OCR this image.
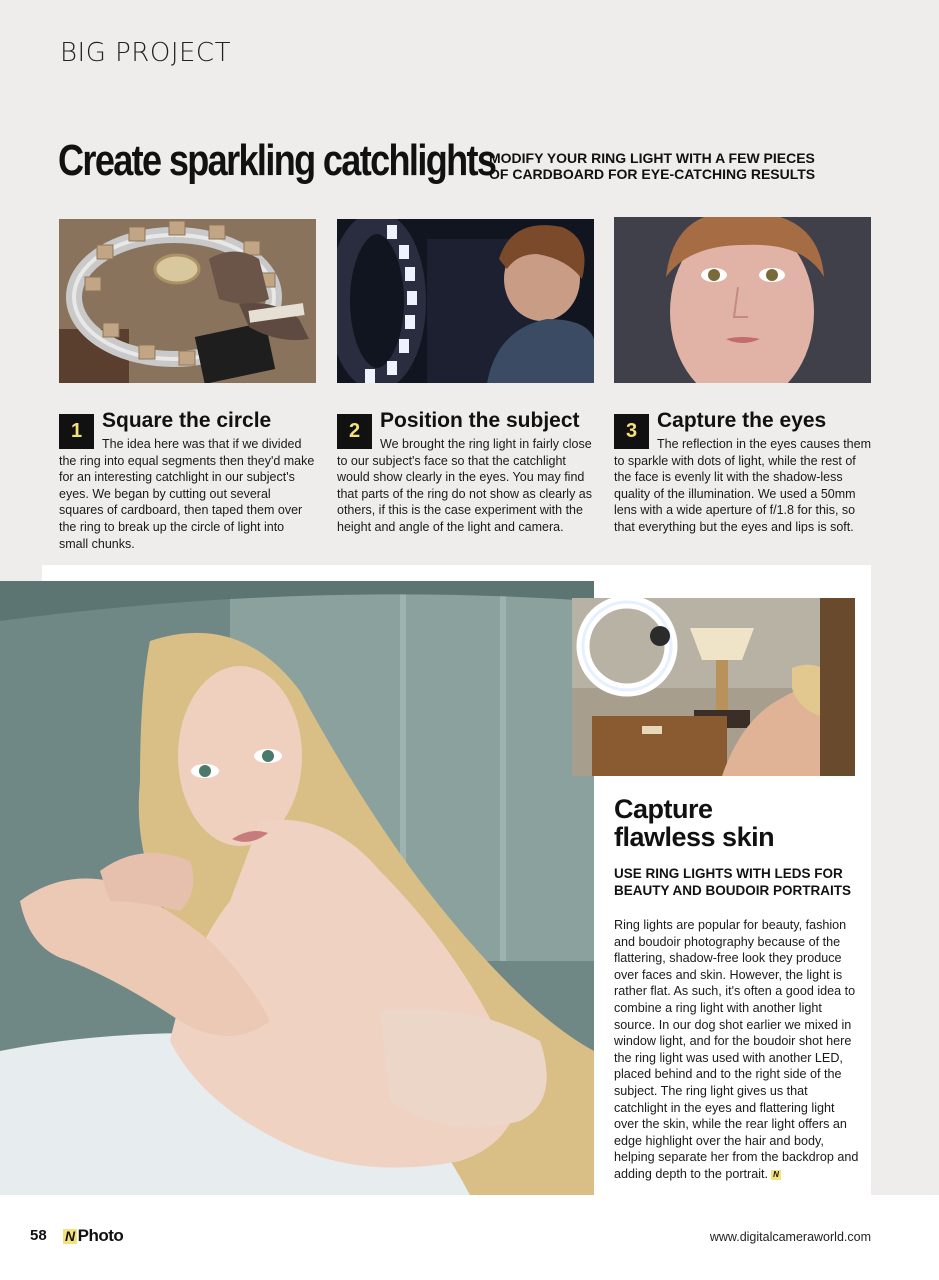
BIG PROJECT
Create sparkling catchlights
MODIFY YOUR RING LIGHT WITH A FEW PIECES OF CARDBOARD FOR EYE-CATCHING RESULTS
1 Square the circle
The idea here was that if we divided the ring into equal segments then they'd make for an interesting catchlight in our subject's eyes. We began by cutting out several squares of cardboard, then taped them over the ring to break up the circle of light into small chunks.
2 Position the subject
We brought the ring light in fairly close to our subject's face so that the catchlight would show clearly in the eyes. You may find that parts of the ring do not show as clearly as others, if this is the case experiment with the height and angle of the light and camera.
3 Capture the eyes
The reflection in the eyes causes them to sparkle with dots of light, while the rest of the face is evenly lit with the shadow-less quality of the illumination. We used a 50mm lens with a wide aperture of f/1.8 for this, so that everything but the eyes and lips is soft.
Capture
flawless skin
USE RING LIGHTS WITH LEDS FOR BEAUTY AND BOUDOIR PORTRAITS
Ring lights are popular for beauty, fashion and boudoir photography because of the flattering, shadow-free look they produce over faces and skin. However, the light is rather flat. As such, it's often a good idea to combine a ring light with another light source. In our dog shot earlier we mixed in window light, and for the boudoir shot here the ring light was used with another LED, placed behind and to the right side of the subject. The ring light gives us that catchlight in the eyes and flattering light over the skin, while the rear light offers an edge highlight over the hair and body, helping separate her from the backdrop and adding depth to the portrait. N
58 N Photo	www.digitalcameraworld.com
